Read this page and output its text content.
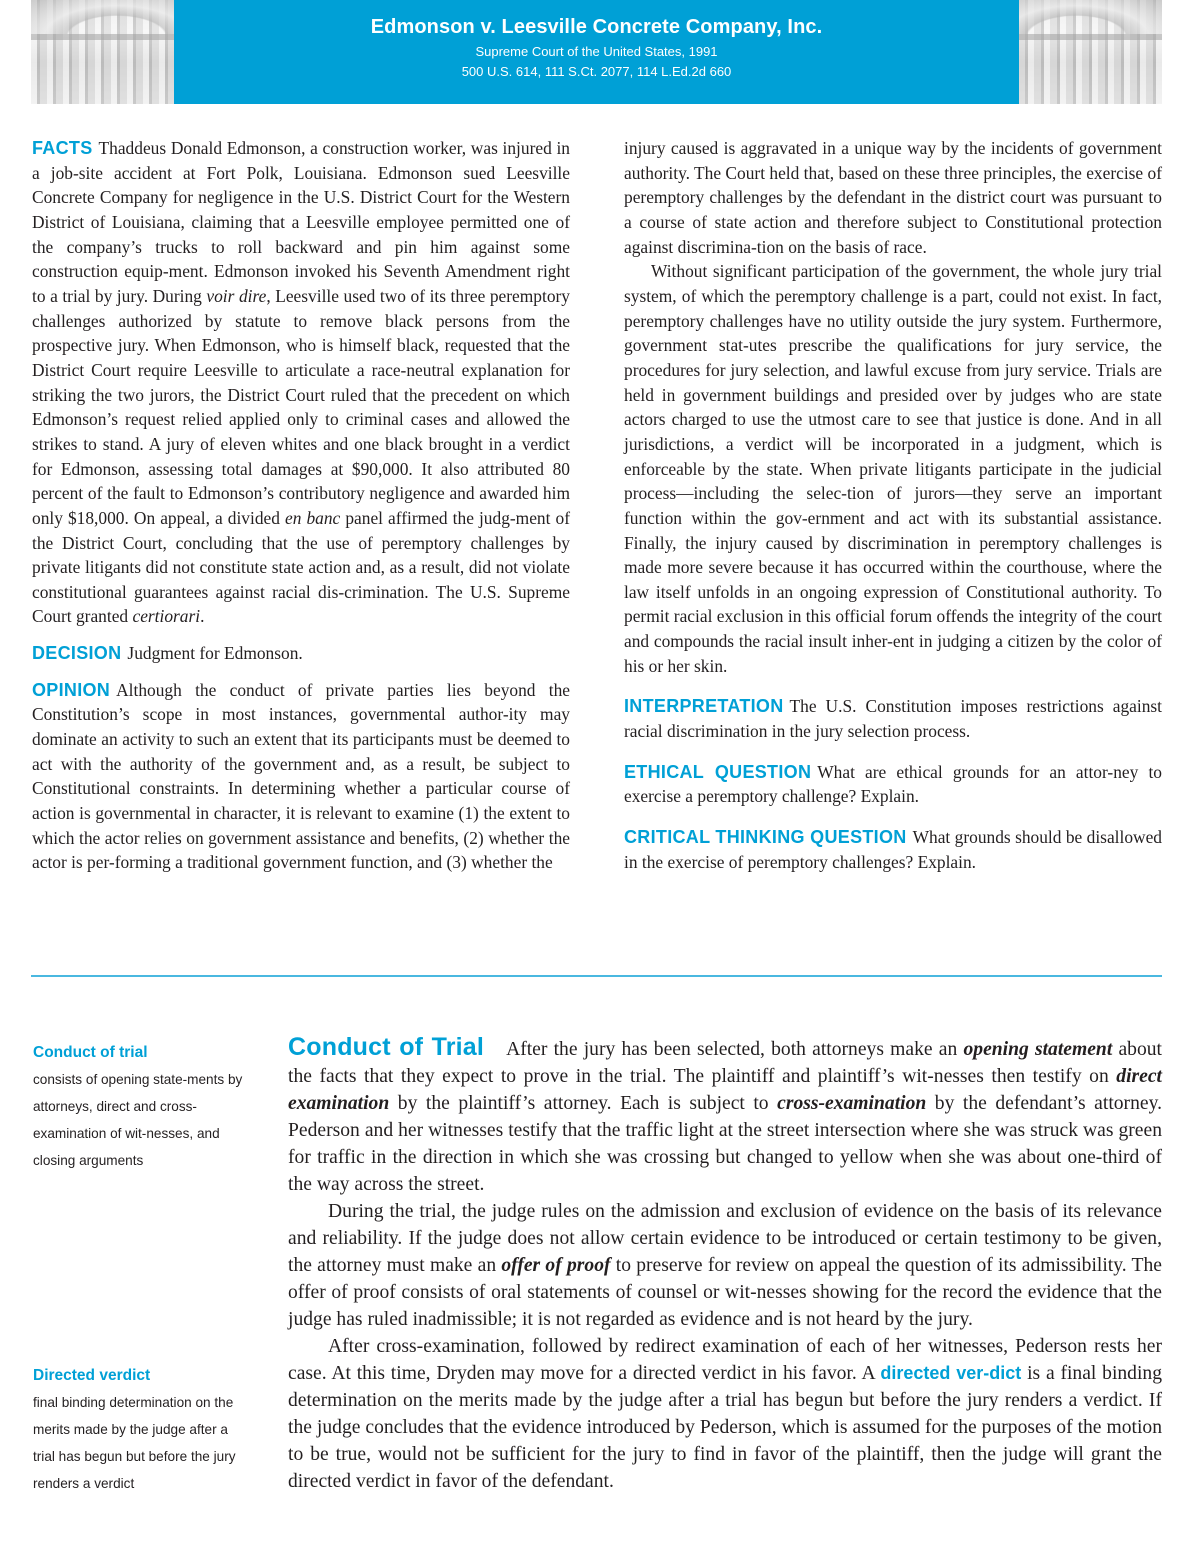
Edmonson v. Leesville Concrete Company, Inc.
Supreme Court of the United States, 1991
500 U.S. 614, 111 S.Ct. 2077, 114 L.Ed.2d 660

FACTS Thaddeus Donald Edmonson, a construction worker, was injured in a job-site accident at Fort Polk, Louisiana. Edmonson sued Leesville Concrete Company for negligence in the U.S. District Court for the Western District of Louisiana, claiming that a Leesville employee permitted one of the company’s trucks to roll backward and pin him against some construction equip-ment. Edmonson invoked his Seventh Amendment right to a trial by jury. During voir dire, Leesville used two of its three peremptory challenges authorized by statute to remove black persons from the prospective jury. When Edmonson, who is himself black, requested that the District Court require Leesville to articulate a race-neutral explanation for striking the two jurors, the District Court ruled that the precedent on which Edmonson’s request relied applied only to criminal cases and allowed the strikes to stand. A jury of eleven whites and one black brought in a verdict for Edmonson, assessing total damages at $90,000. It also attributed 80 percent of the fault to Edmonson’s contributory negligence and awarded him only $18,000. On appeal, a divided en banc panel affirmed the judg-ment of the District Court, concluding that the use of peremptory challenges by private litigants did not constitute state action and, as a result, did not violate constitutional guarantees against racial dis-crimination. The U.S. Supreme Court granted certiorari.

DECISION Judgment for Edmonson.

OPINION Although the conduct of private parties lies beyond the Constitution’s scope in most instances, governmental author-ity may dominate an activity to such an extent that its participants must be deemed to act with the authority of the government and, as a result, be subject to Constitutional constraints. In determining whether a particular course of action is governmental in character, it is relevant to examine (1) the extent to which the actor relies on government assistance and benefits, (2) whether the actor is per-forming a traditional government function, and (3) whether the

injury caused is aggravated in a unique way by the incidents of government authority. The Court held that, based on these three principles, the exercise of peremptory challenges by the defendant in the district court was pursuant to a course of state action and therefore subject to Constitutional protection against discrimina-tion on the basis of race.

Without significant participation of the government, the whole jury trial system, of which the peremptory challenge is a part, could not exist. In fact, peremptory challenges have no utility outside the jury system. Furthermore, government stat-utes prescribe the qualifications for jury service, the procedures for jury selection, and lawful excuse from jury service. Trials are held in government buildings and presided over by judges who are state actors charged to use the utmost care to see that justice is done. And in all jurisdictions, a verdict will be incorporated in a judgment, which is enforceable by the state. When private litigants participate in the judicial process—including the selec-tion of jurors—they serve an important function within the gov-ernment and act with its substantial assistance. Finally, the injury caused by discrimination in peremptory challenges is made more severe because it has occurred within the courthouse, where the law itself unfolds in an ongoing expression of Constitutional authority. To permit racial exclusion in this official forum offends the integrity of the court and compounds the racial insult inher-ent in judging a citizen by the color of his or her skin.

INTERPRETATION The U.S. Constitution imposes restrictions against racial discrimination in the jury selection process.

ETHICAL QUESTION What are ethical grounds for an attor-ney to exercise a peremptory challenge? Explain.

CRITICAL THINKING QUESTION What grounds should be disallowed in the exercise of peremptory challenges? Explain.

Conduct of trial
consists of opening state-ments by attorneys, direct and cross-examination of wit-nesses, and closing arguments
Directed verdict
final binding determination on the merits made by the judge after a trial has begun but before the jury renders a verdict

Conduct of Trial After the jury has been selected, both attorneys make an opening statement about the facts that they expect to prove in the trial. The plaintiff and plaintiff’s wit-nesses then testify on direct examination by the plaintiff’s attorney. Each is subject to cross-examination by the defendant’s attorney. Pederson and her witnesses testify that the traffic light at the street intersection where she was struck was green for traffic in the direction in which she was crossing but changed to yellow when she was about one-third of the way across the street.

During the trial, the judge rules on the admission and exclusion of evidence on the basis of its relevance and reliability. If the judge does not allow certain evidence to be introduced or certain testimony to be given, the attorney must make an offer of proof to preserve for review on appeal the question of its admissibility. The offer of proof consists of oral statements of counsel or wit-nesses showing for the record the evidence that the judge has ruled inadmissible; it is not regarded as evidence and is not heard by the jury.

After cross-examination, followed by redirect examination of each of her witnesses, Pederson rests her case. At this time, Dryden may move for a directed verdict in his favor. A directed ver-dict is a final binding determination on the merits made by the judge after a trial has begun but before the jury renders a verdict. If the judge concludes that the evidence introduced by Pederson, which is assumed for the purposes of the motion to be true, would not be sufficient for the jury to find in favor of the plaintiff, then the judge will grant the directed verdict in favor of the defendant.
